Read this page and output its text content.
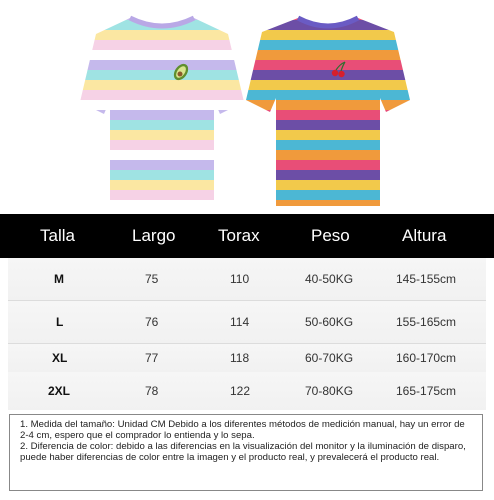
Talla	Largo	Torax	Peso	Altura
M	75	110	40-50KG	145-155cm
L	76	114	50-60KG	155-165cm
XL	77	118	60-70KG	160-170cm
2XL	78	122	70-80KG	165-175cm

1. Medida del tamaño: Unidad CM Debido a los diferentes métodos de medición manual, hay un error de 2-4 cm, espero que el comprador lo entienda y lo sepa.

2. Diferencia de color: debido a las diferencias en la visualización del monitor y la iluminación de disparo, puede haber diferencias de color entre la imagen y el producto real, y prevalecerá el producto real.
